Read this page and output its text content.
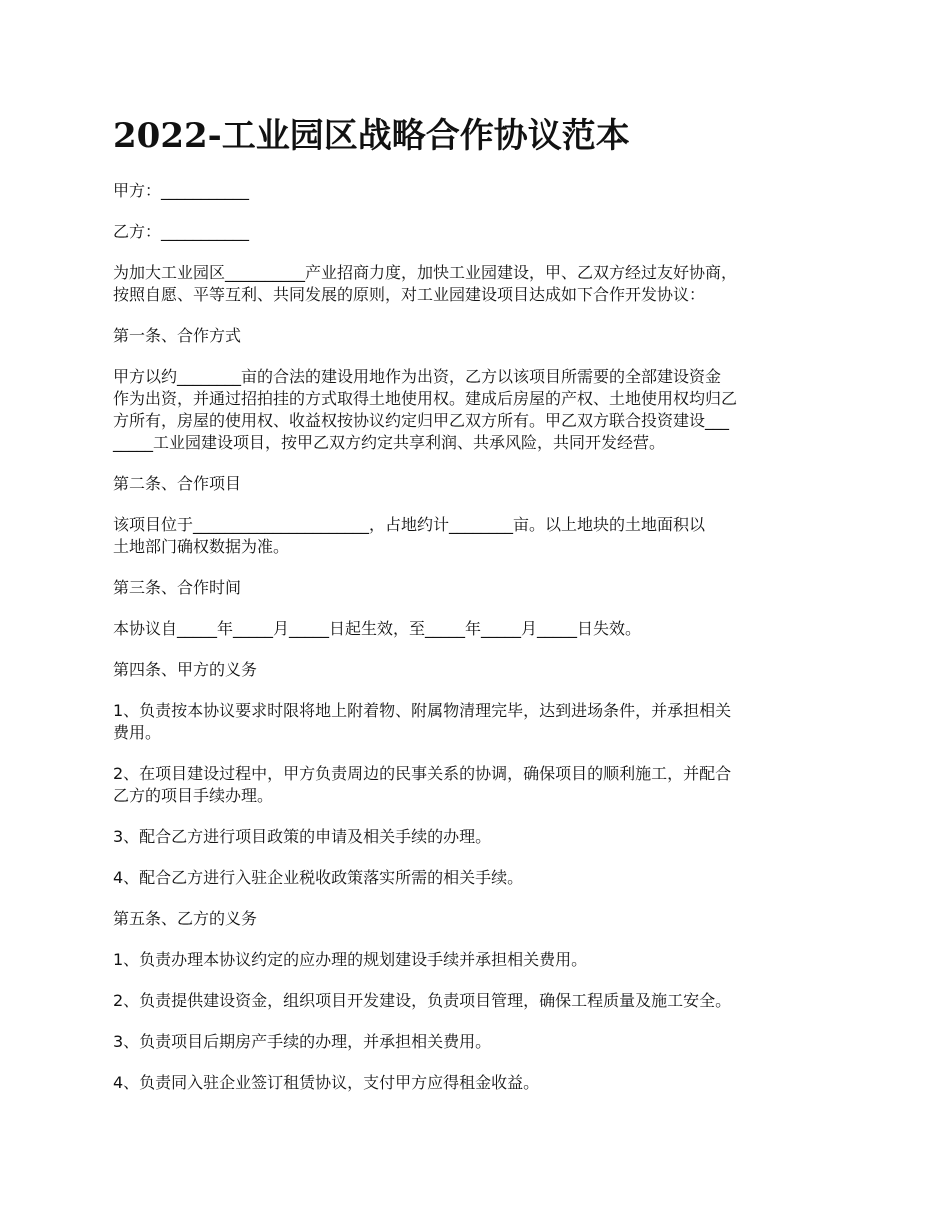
2022-工业园区战略合作协议范本

甲方：___________

乙方：___________

为加大工业园区__________产业招商力度，加快工业园建设，甲、乙双方经过友好协商，
按照自愿、平等互利、共同发展的原则，对工业园建设项目达成如下合作开发协议：

第一条、合作方式

甲方以约________亩的合法的建设用地作为出资，乙方以该项目所需要的全部建设资金
作为出资，并通过招拍挂的方式取得土地使用权。建成后房屋的产权、土地使用权均归乙
方所有，房屋的使用权、收益权按协议约定归甲乙双方所有。甲乙双方联合投资建设___
_____工业园建设项目，按甲乙双方约定共享利润、共承风险，共同开发经营。

第二条、合作项目

该项目位于______________________，占地约计________亩。以上地块的土地面积以
土地部门确权数据为准。

第三条、合作时间

本协议自_____年_____月_____日起生效，至_____年_____月_____日失效。

第四条、甲方的义务

1、负责按本协议要求时限将地上附着物、附属物清理完毕，达到进场条件，并承担相关
费用。

2、在项目建设过程中，甲方负责周边的民事关系的协调，确保项目的顺利施工，并配合
乙方的项目手续办理。

3、配合乙方进行项目政策的申请及相关手续的办理。

4、配合乙方进行入驻企业税收政策落实所需的相关手续。

第五条、乙方的义务

1、负责办理本协议约定的应办理的规划建设手续并承担相关费用。

2、负责提供建设资金，组织项目开发建设，负责项目管理，确保工程质量及施工安全。

3、负责项目后期房产手续的办理，并承担相关费用。

4、负责同入驻企业签订租赁协议，支付甲方应得租金收益。
